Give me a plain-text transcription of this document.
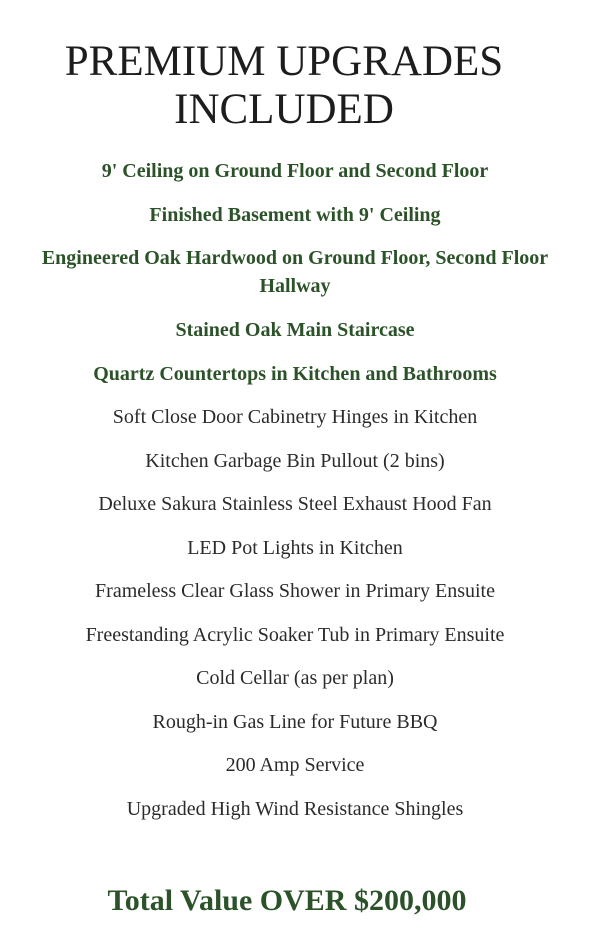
PREMIUM UPGRADES
INCLUDED
9' Ceiling on Ground Floor and Second Floor
Finished Basement with 9' Ceiling
Engineered Oak Hardwood on Ground Floor, Second Floor Hallway
Stained Oak Main Staircase
Quartz Countertops in Kitchen and Bathrooms
Soft Close Door Cabinetry Hinges in Kitchen
Kitchen Garbage Bin Pullout (2 bins)
Deluxe Sakura Stainless Steel Exhaust Hood Fan
LED Pot Lights in Kitchen
Frameless Clear Glass Shower in Primary Ensuite
Freestanding Acrylic Soaker Tub in Primary Ensuite
Cold Cellar (as per plan)
Rough-in Gas Line for Future BBQ
200 Amp Service
Upgraded High Wind Resistance Shingles
Total Value OVER $200,000
